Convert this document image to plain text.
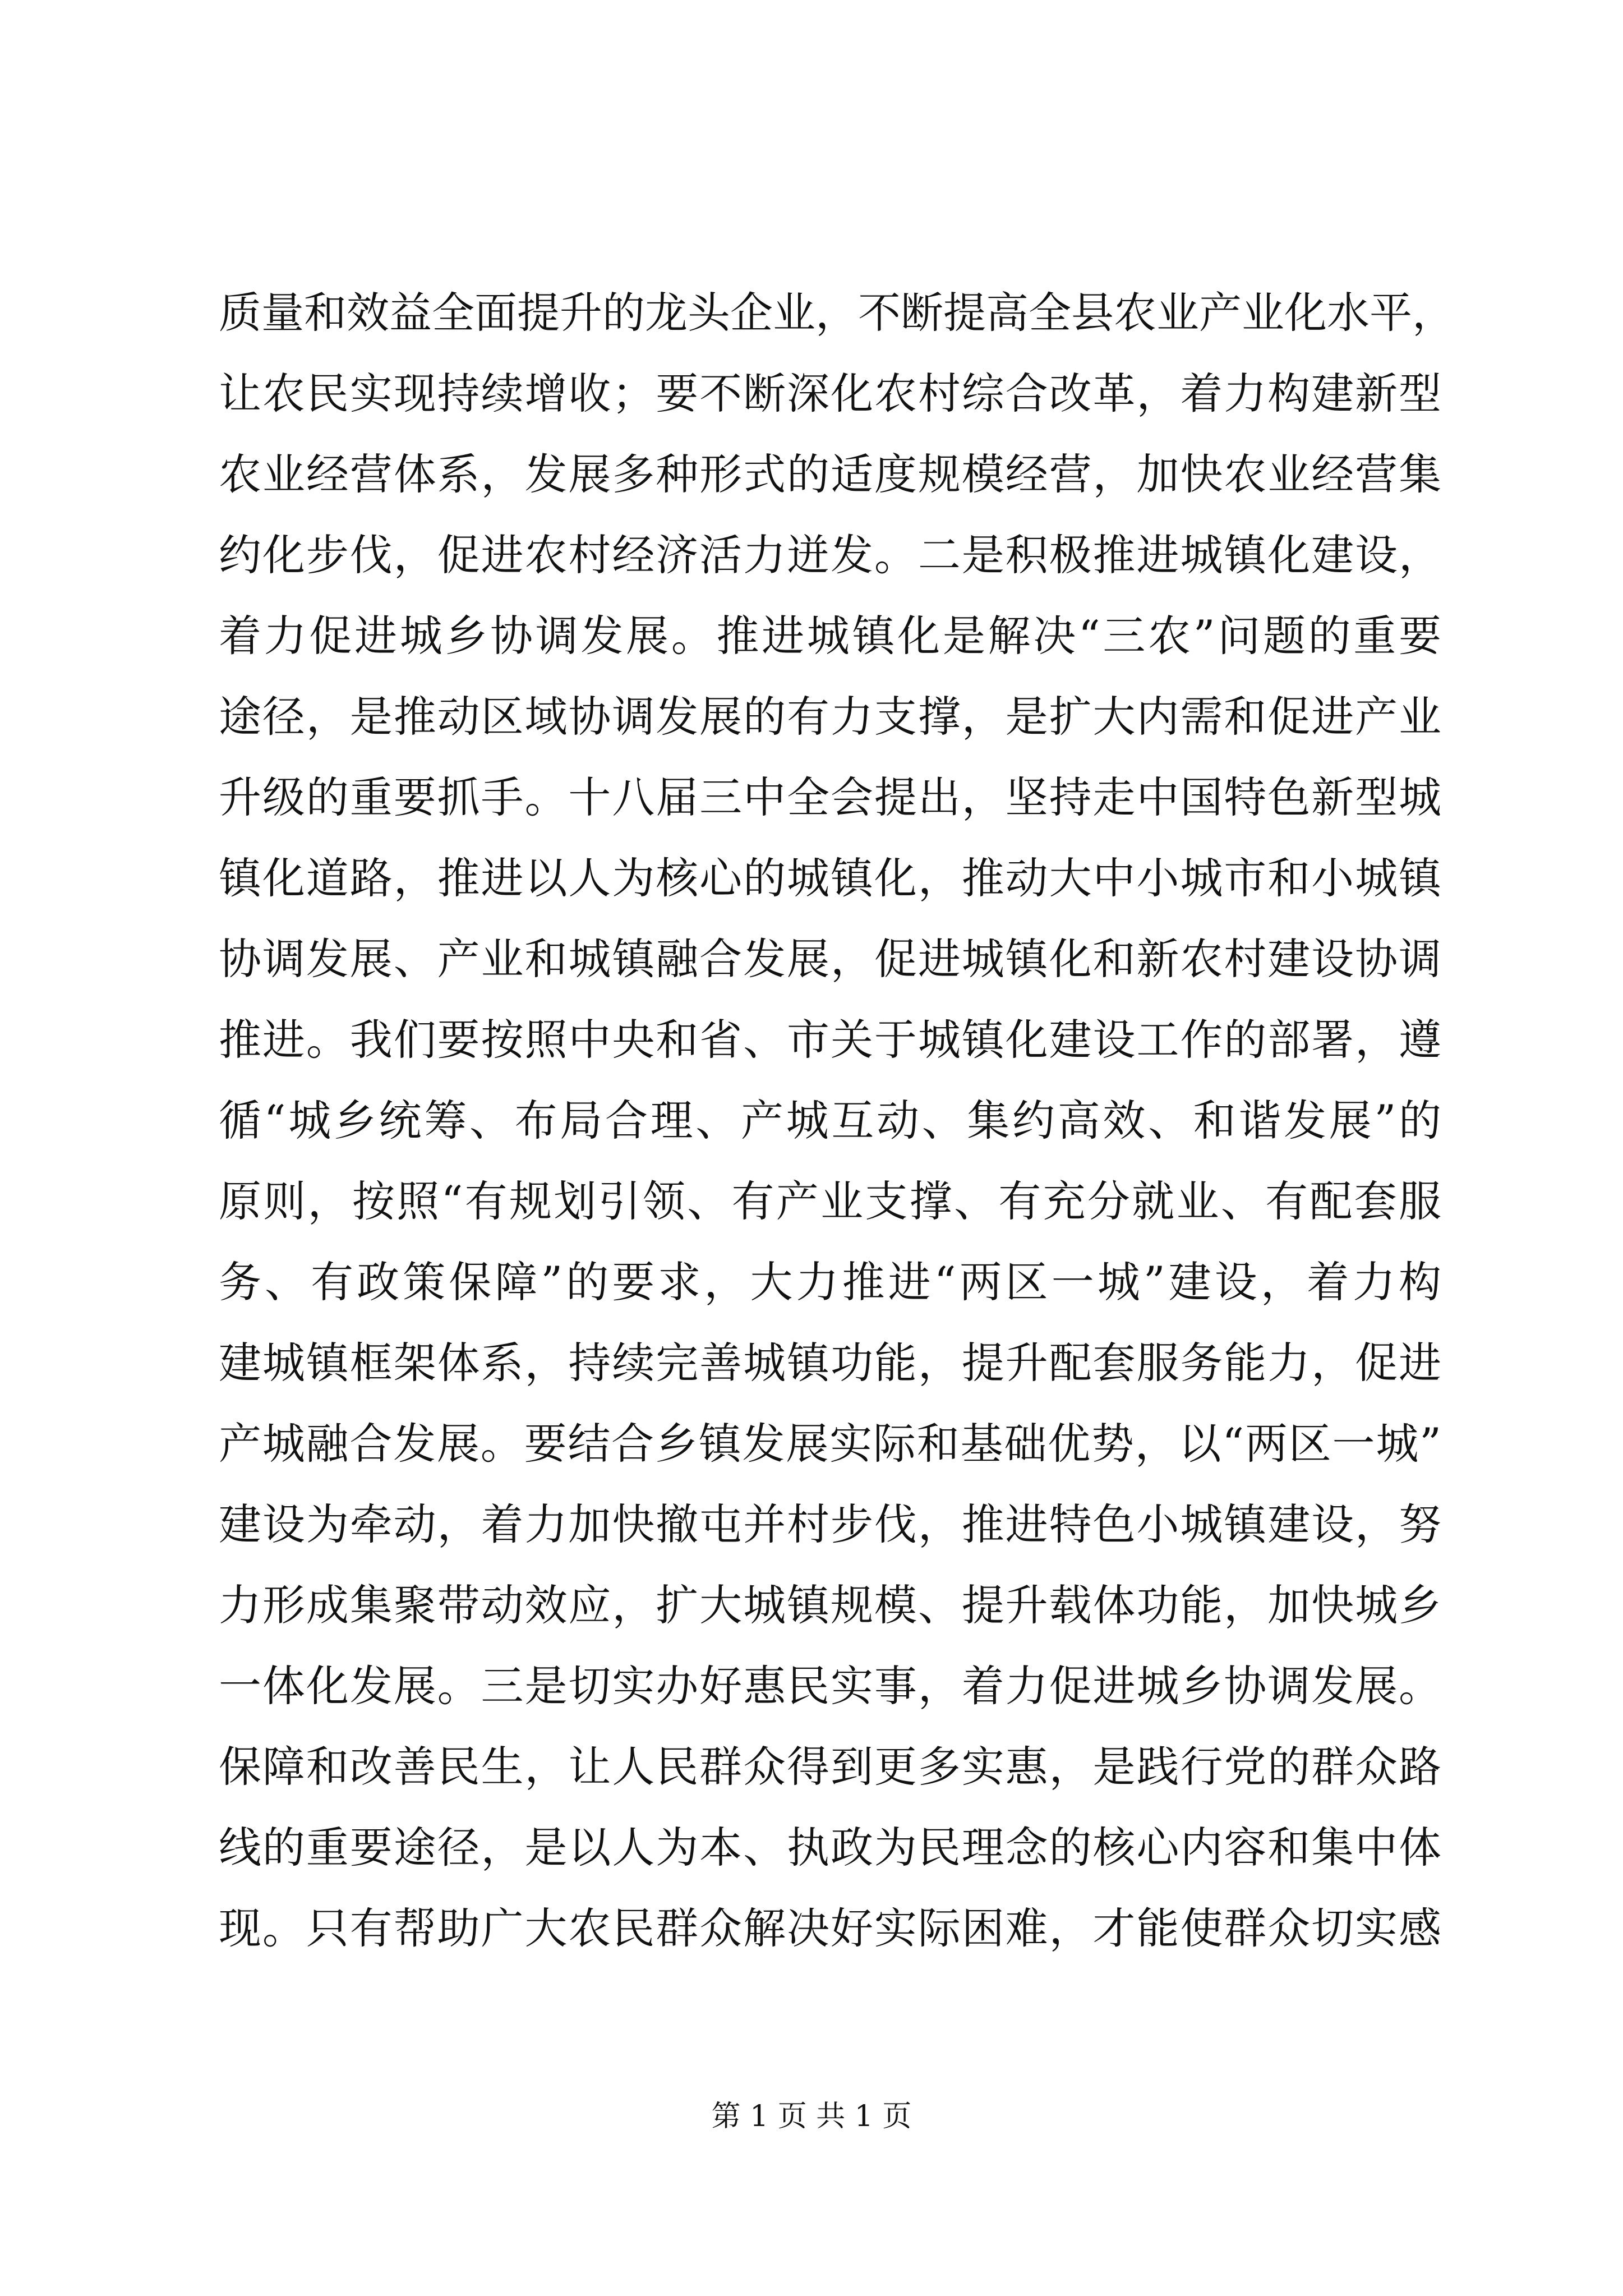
质量和效益全面提升的龙头企业，不断提高全县农业产业化水平，
让农民实现持续增收；要不断深化农村综合改革，着力构建新型
农业经营体系，发展多种形式的适度规模经营，加快农业经营集
约化步伐，促进农村经济活力迸发。二是积极推进城镇化建设，
着力促进城乡协调发展。推进城镇化是解决“三农”问题的重要
途径，是推动区域协调发展的有力支撑，是扩大内需和促进产业
升级的重要抓手。十八届三中全会提出，坚持走中国特色新型城
镇化道路，推进以人为核心的城镇化，推动大中小城市和小城镇
协调发展、产业和城镇融合发展，促进城镇化和新农村建设协调
推进。我们要按照中央和省、市关于城镇化建设工作的部署，遵
循“城乡统筹、布局合理、产城互动、集约高效、和谐发展”的
原则，按照“有规划引领、有产业支撑、有充分就业、有配套服
务、有政策保障”的要求，大力推进“两区一城”建设，着力构
建城镇框架体系，持续完善城镇功能，提升配套服务能力，促进
产城融合发展。要结合乡镇发展实际和基础优势，以“两区一城”
建设为牵动，着力加快撤屯并村步伐，推进特色小城镇建设，努
力形成集聚带动效应，扩大城镇规模、提升载体功能，加快城乡
一体化发展。三是切实办好惠民实事，着力促进城乡协调发展。
保障和改善民生，让人民群众得到更多实惠，是践行党的群众路
线的重要途径，是以人为本、执政为民理念的核心内容和集中体
现。只有帮助广大农民群众解决好实际困难，才能使群众切实感
第 1 页 共 1 页
